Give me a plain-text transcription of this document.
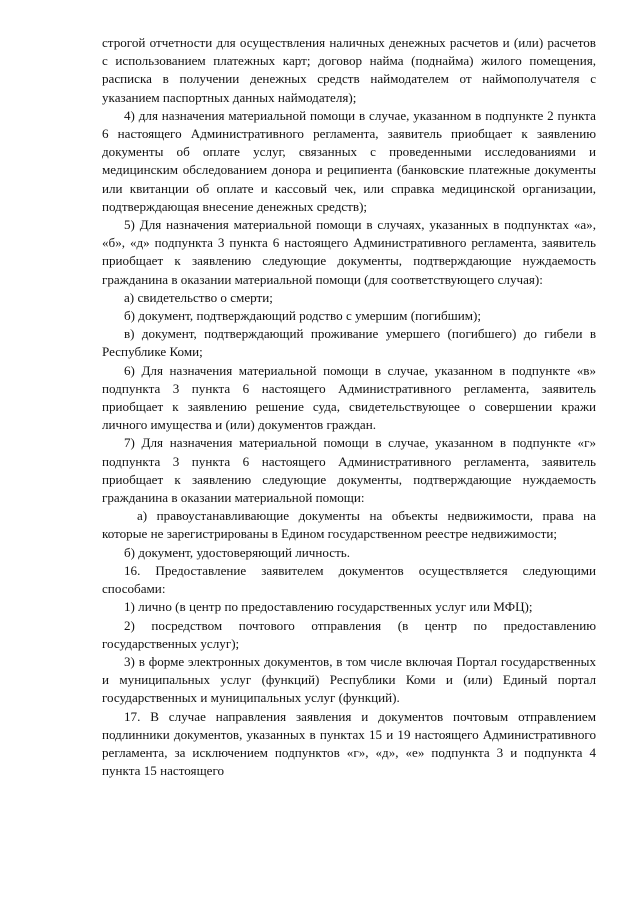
строгой отчетности для осуществления наличных денежных расчетов и (или) расчетов с использованием платежных карт; договор найма (поднайма) жилого помещения, расписка в получении денежных средств наймодателем от наймополучателя с указанием паспортных данных наймодателя);

4) для назначения материальной помощи в случае, указанном в подпункте 2 пункта 6 настоящего Административного регламента, заявитель приобщает к заявлению документы об оплате услуг, связанных с проведенными исследованиями и медицинским обследованием донора и реципиента (банковские платежные документы или квитанции об оплате и кассовый чек, или справка медицинской организации, подтверждающая внесение денежных средств);

5) Для назначения материальной помощи в случаях, указанных в подпунктах «а», «б», «д» подпункта 3 пункта 6 настоящего Административного регламента, заявитель приобщает к заявлению следующие документы, подтверждающие нуждаемость гражданина в оказании материальной помощи (для соответствующего случая):

а) свидетельство о смерти;

б) документ, подтверждающий родство с умершим (погибшим);

в) документ, подтверждающий проживание умершего (погибшего) до гибели в Республике Коми;

6) Для назначения материальной помощи в случае, указанном в подпункте «в» подпункта 3 пункта 6 настоящего Административного регламента, заявитель приобщает к заявлению решение суда, свидетельствующее о совершении кражи личного имущества и (или) документов граждан.

7) Для назначения материальной помощи в случае, указанном в подпункте «г» подпункта 3 пункта 6 настоящего Административного регламента, заявитель приобщает к заявлению следующие документы, подтверждающие нуждаемость гражданина в оказании материальной помощи:

а) правоустанавливающие документы на объекты недвижимости, права на которые не зарегистрированы в Едином государственном реестре недвижимости;

б) документ, удостоверяющий личность.

16. Предоставление заявителем документов осуществляется следующими способами:

1) лично (в центр по предоставлению государственных услуг или МФЦ);

2) посредством почтового отправления (в центр по предоставлению государственных услуг);

3) в форме электронных документов, в том числе включая Портал государственных и муниципальных услуг (функций) Республики Коми и (или) Единый портал государственных и муниципальных услуг (функций).

17. В случае направления заявления и документов почтовым отправлением подлинники документов, указанных в пунктах 15 и 19 настоящего Административного регламента, за исключением подпунктов «г», «д», «е» подпункта 3 и подпункта 4 пункта 15 настоящего
